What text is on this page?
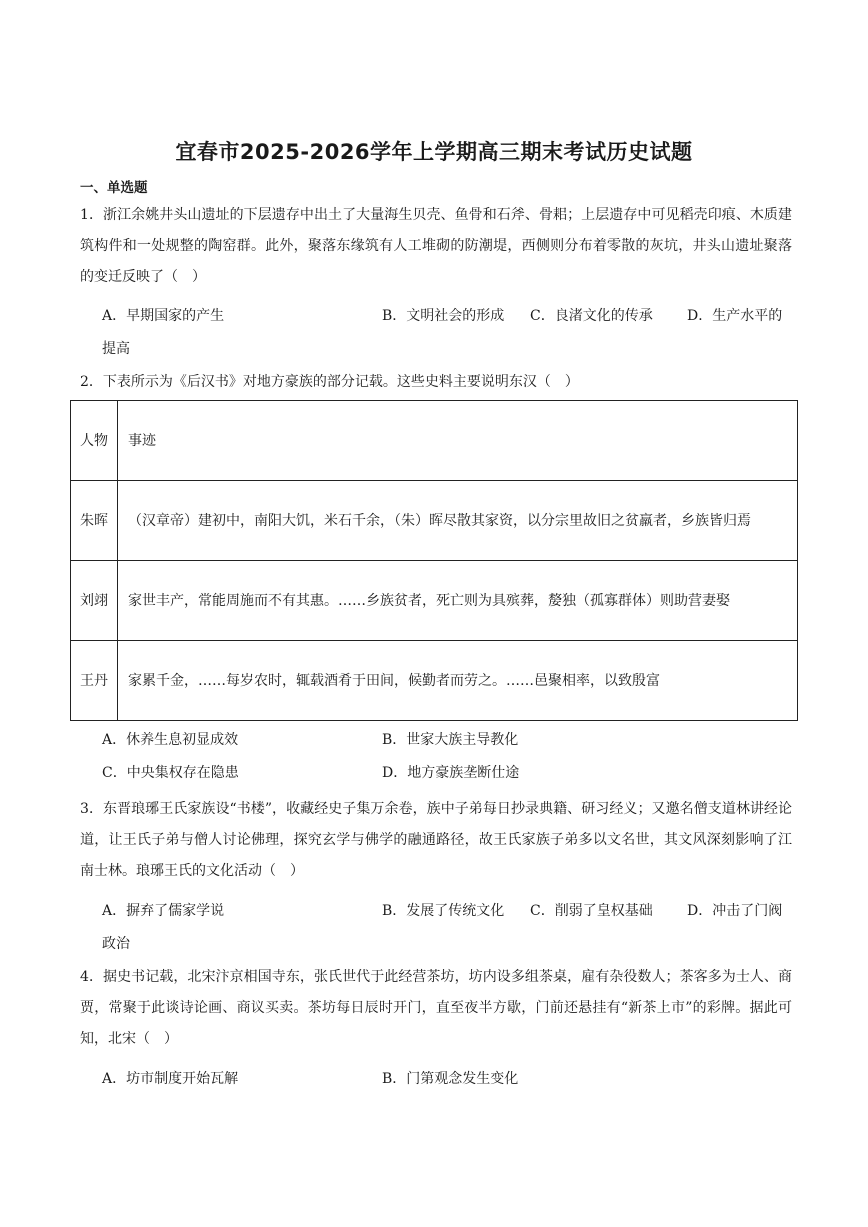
宜春市2025-2026学年上学期高三期末考试历史试题
一、单选题

1．浙江余姚井头山遗址的下层遗存中出土了大量海生贝壳、鱼骨和石斧、骨耜；上层遗存中可见稻壳印痕、木质建筑构件和一处规整的陶窑群。此外，聚落东缘筑有人工堆砌的防潮堤，西侧则分布着零散的灰坑，井头山遗址聚落的变迁反映了（　）

A．早期国家的产生	B．文明社会的形成 C．良渚文化的传承 D．生产水平的
提高

2．下表所示为《后汉书》对地方豪族的部分记载。这些史料主要说明东汉（　）

人物	事迹
朱晖	（汉章帝）建初中，南阳大饥，米石千余，（朱）晖尽散其家资，以分宗里故旧之贫羸者，乡族皆归焉
刘翊	家世丰产，常能周施而不有其惠。……乡族贫者，死亡则为具殡葬，嫠独（孤寡群体）则助营妻娶
王丹	家累千金，……每岁农时，辄载酒肴于田间，候勤者而劳之。……邑聚相率，以致殷富
A．休养生息初显成效	B．世家大族主导教化
C．中央集权存在隐患	D．地方豪族垄断仕途

3．东晋琅琊王氏家族设“书楼”，收藏经史子集万余卷，族中子弟每日抄录典籍、研习经义；又邀名僧支道林讲经论道，让王氏子弟与僧人讨论佛理，探究玄学与佛学的融通路径，故王氏家族子弟多以文名世，其文风深刻影响了江南士林。琅琊王氏的文化活动（　）

A．摒弃了儒家学说	B．发展了传统文化 C．削弱了皇权基础 D．冲击了门阀
政治

4．据史书记载，北宋汴京相国寺东，张氏世代于此经营茶坊，坊内设多组茶桌，雇有杂役数人；茶客多为士人、商贾，常聚于此谈诗论画、商议买卖。茶坊每日辰时开门，直至夜半方歇，门前还悬挂有“新茶上市”的彩牌。据此可知，北宋（　）

A．坊市制度开始瓦解	B．门第观念发生变化
